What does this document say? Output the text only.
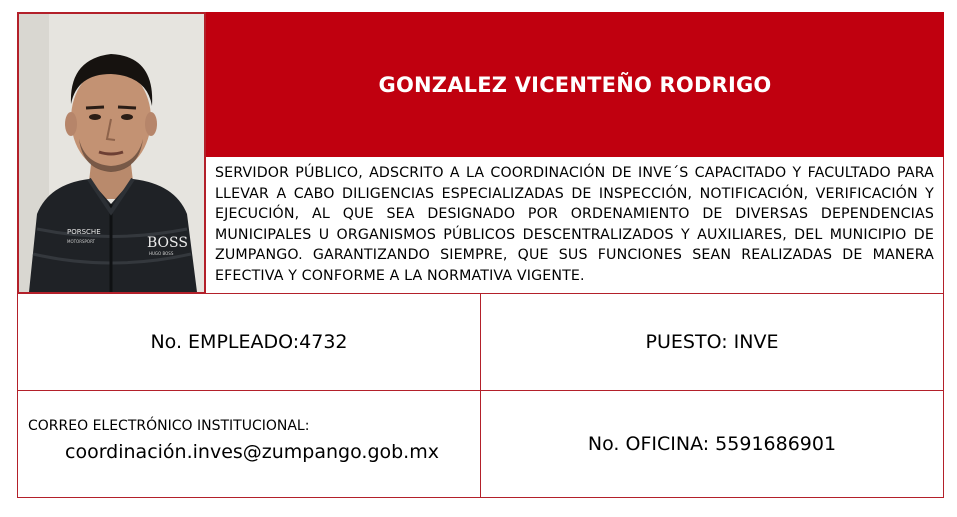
PORSCHE
MOTORSPORT	BOSS
HUGO BOSS
GONZALEZ VICENTEÑO RODRIGO

SERVIDOR PÚBLICO, ADSCRITO A LA COORDINACIÓN DE INVE´S CAPACITADO Y FACULTADO PARA LLEVAR A CABO DILIGENCIAS ESPECIALIZADAS DE INSPECCIÓN, NOTIFICACIÓN, VERIFICACIÓN Y EJECUCIÓN, AL QUE SEA DESIGNADO POR ORDENAMIENTO DE DIVERSAS DEPENDENCIAS MUNICIPALES U ORGANISMOS PÚBLICOS DESCENTRALIZADOS Y AUXILIARES, DEL MUNICIPIO DE ZUMPANGO. GARANTIZANDO SIEMPRE, QUE SUS FUNCIONES SEAN REALIZADAS DE MANERA EFECTIVA Y CONFORME A LA NORMATIVA VIGENTE.

No. EMPLEADO:4732	PUESTO: INVE
CORREO ELECTRÓNICO INSTITUCIONAL:
coordinación.inves@zumpango.gob.mx	No. OFICINA: 5591686901
